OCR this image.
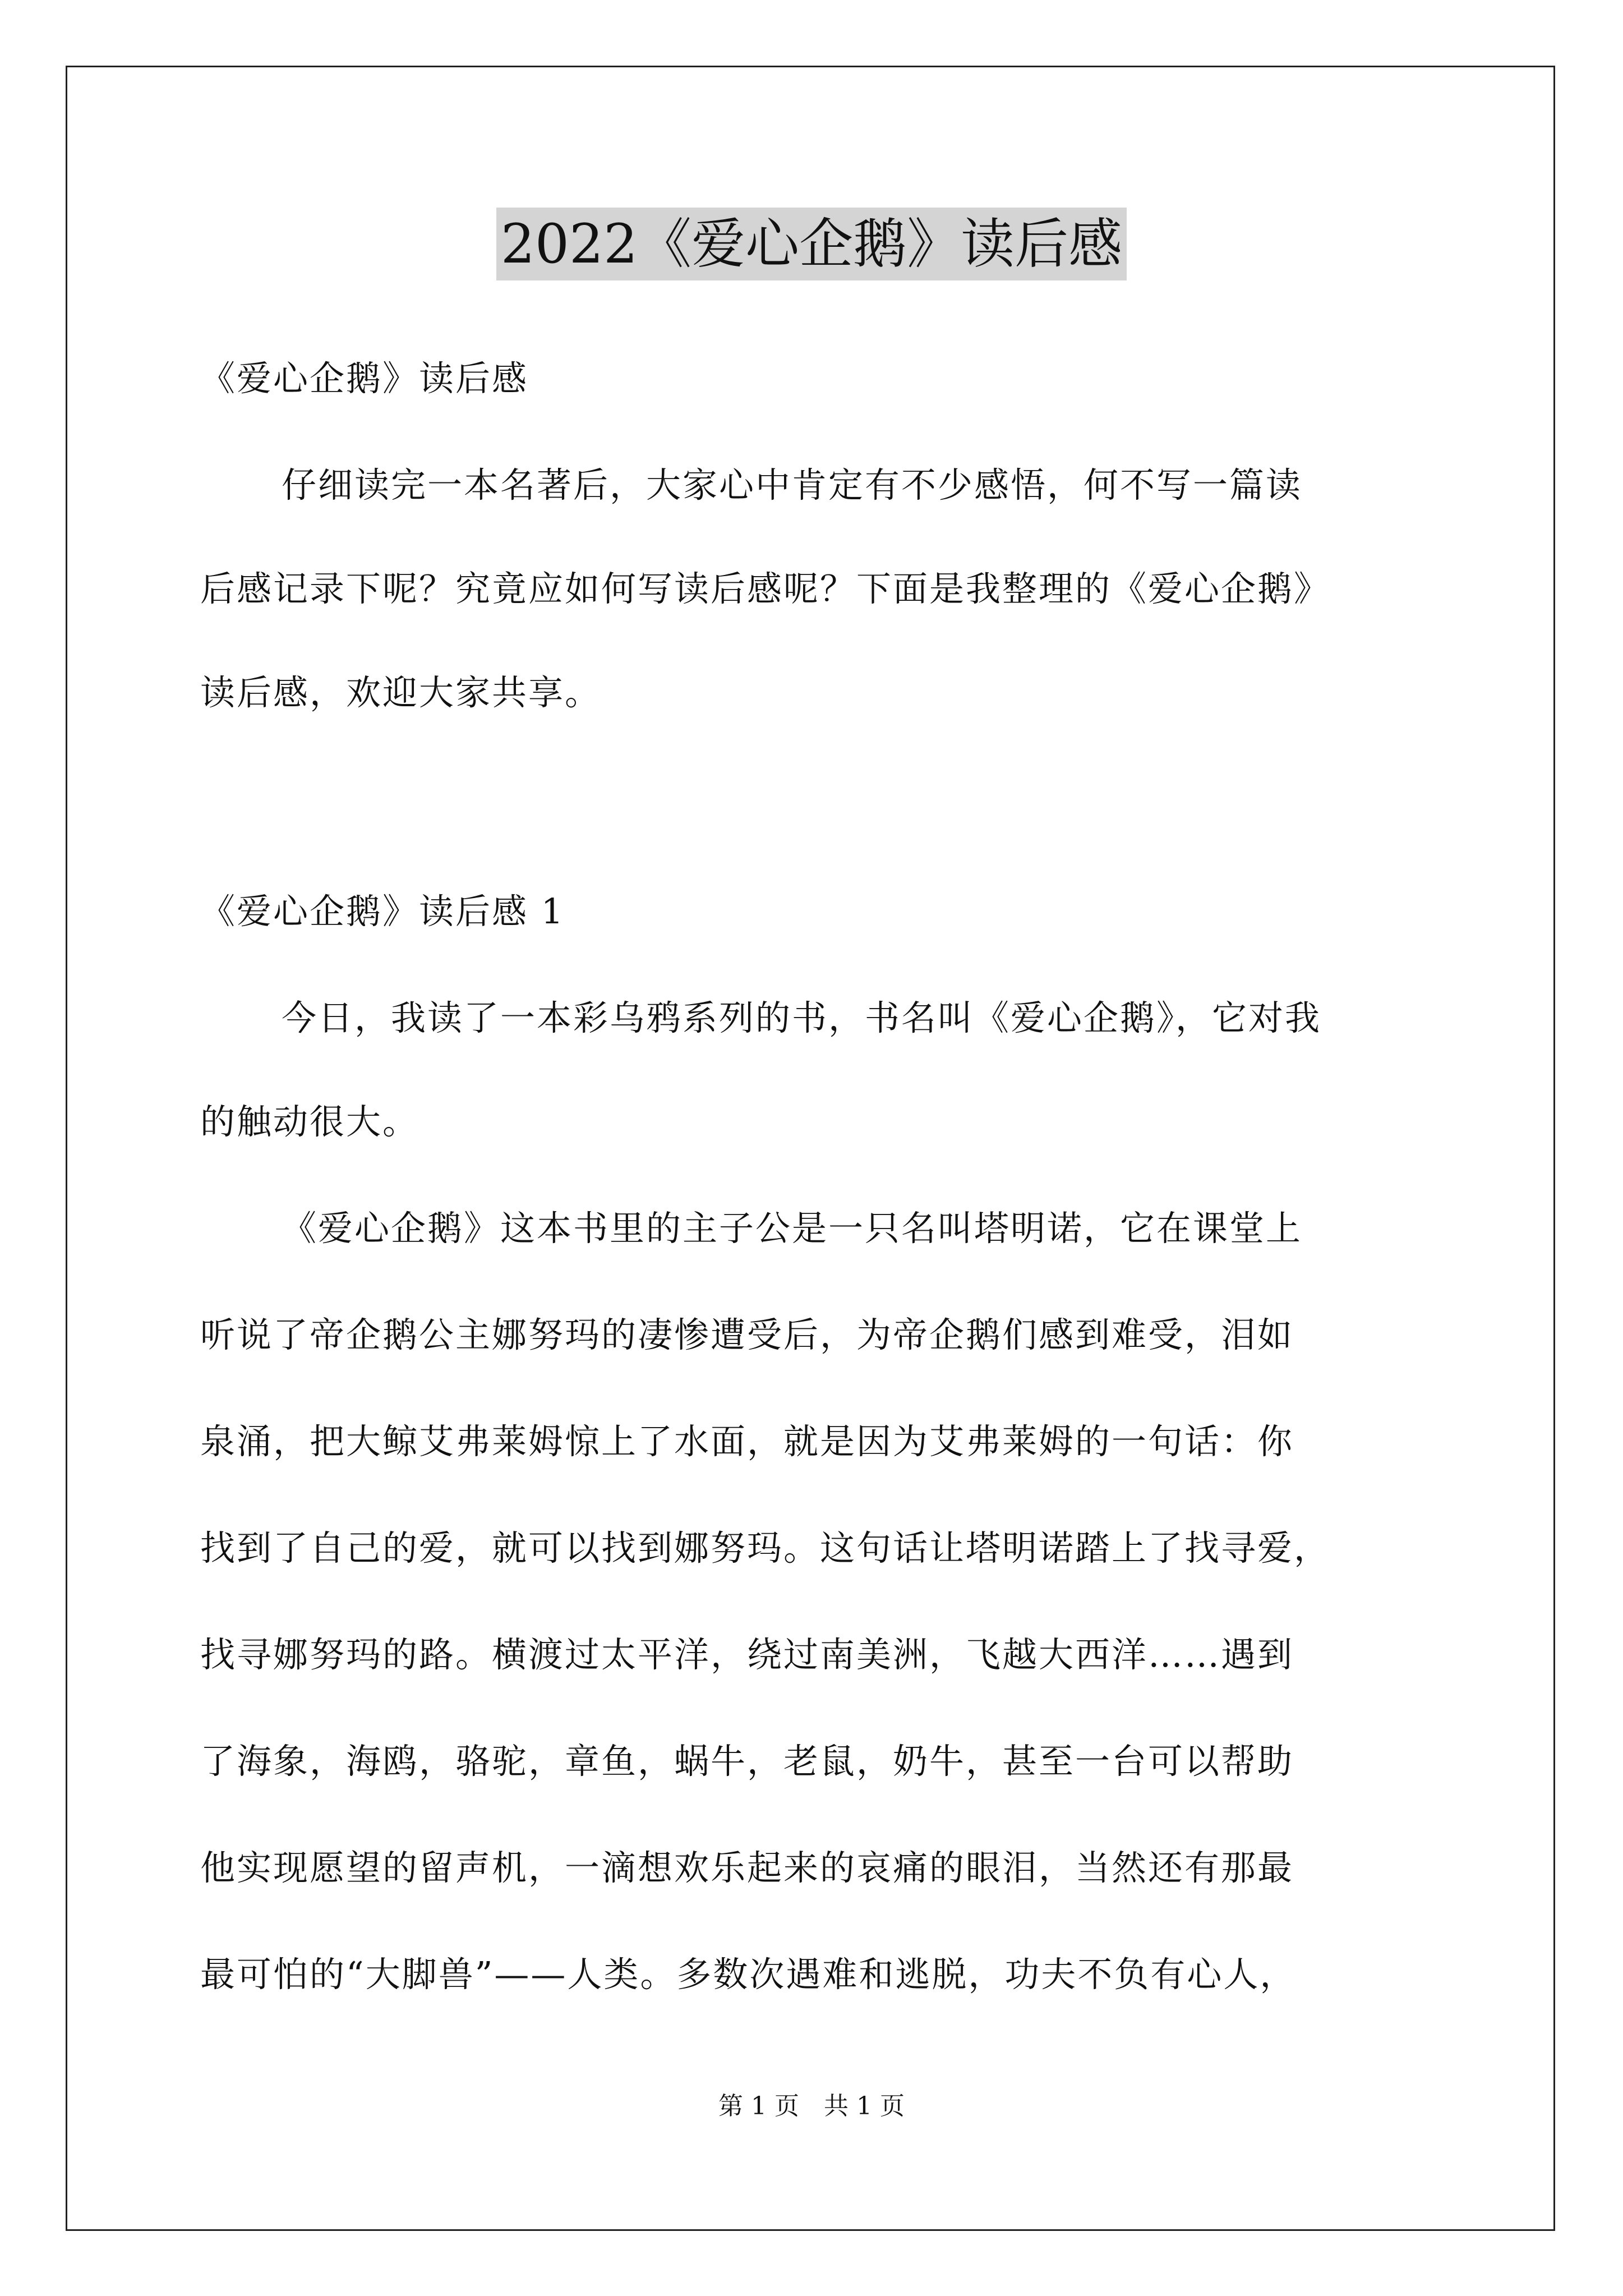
2022《爱心企鹅》读后感
《爱心企鹅》读后感
仔细读完一本名著后，大家心中肯定有不少感悟，何不写一篇读
后感记录下呢？究竟应如何写读后感呢？下面是我整理的《爱心企鹅》
读后感，欢迎大家共享。
《爱心企鹅》读后感 1
今日，我读了一本彩乌鸦系列的书，书名叫《爱心企鹅》，它对我
的触动很大。
《爱心企鹅》这本书里的主子公是一只名叫塔明诺，它在课堂上
听说了帝企鹅公主娜努玛的凄惨遭受后，为帝企鹅们感到难受，泪如
泉涌，把大鲸艾弗莱姆惊上了水面，就是因为艾弗莱姆的一句话：你
找到了自己的爱，就可以找到娜努玛。这句话让塔明诺踏上了找寻爱，
找寻娜努玛的路。横渡过太平洋，绕过南美洲，飞越大西洋……遇到
了海象，海鸥，骆驼，章鱼，蜗牛，老鼠，奶牛，甚至一台可以帮助
他实现愿望的留声机，一滴想欢乐起来的哀痛的眼泪，当然还有那最
最可怕的“大脚兽”——人类。多数次遇难和逃脱，功夫不负有心人，
第 1 页　共 1 页
